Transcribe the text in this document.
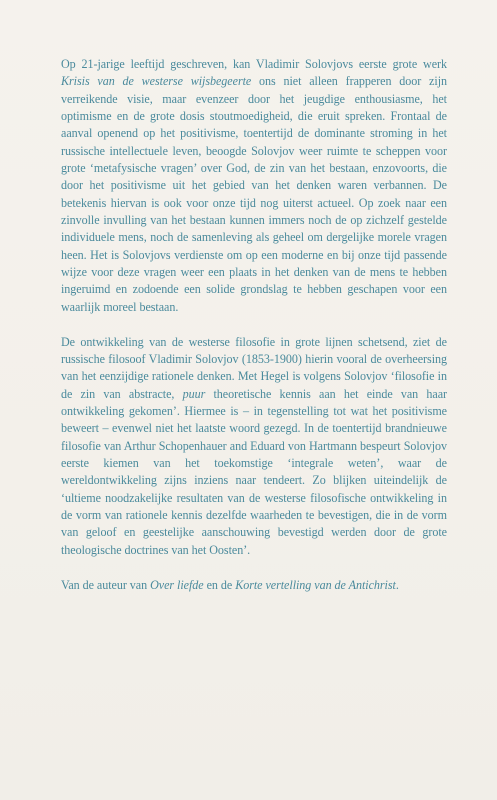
Op 21-jarige leeftijd geschreven, kan Vladimir Solovjovs eerste grote werk Krisis van de westerse wijsbegeerte ons niet alleen frapperen door zijn verreikende visie, maar evenzeer door het jeugdige enthousiasme, het optimisme en de grote dosis stoutmoedigheid, die eruit spreken. Frontaal de aanval openend op het positivisme, toentertijd de dominante stroming in het russische intellectuele leven, beoogde Solovjov weer ruimte te scheppen voor grote ‘metafysische vragen’ over God, de zin van het bestaan, enzovoorts, die door het positivisme uit het gebied van het denken waren verbannen. De betekenis hiervan is ook voor onze tijd nog uiterst actueel. Op zoek naar een zinvolle invulling van het bestaan kunnen immers noch de op zichzelf gestelde individuele mens, noch de samenleving als geheel om dergelijke morele vragen heen. Het is Solovjovs verdienste om op een moderne en bij onze tijd passende wijze voor deze vragen weer een plaats in het denken van de mens te hebben ingeruimd en zodoende een solide grondslag te hebben geschapen voor een waarlijk moreel bestaan.

De ontwikkeling van de westerse filosofie in grote lijnen schetsend, ziet de russische filosoof Vladimir Solovjov (1853-1900) hierin vooral de overheersing van het eenzijdige rationele denken. Met Hegel is volgens Solovjov ‘filosofie in de zin van abstracte, puur theoretische kennis aan het einde van haar ontwikkeling gekomen’. Hiermee is – in tegenstelling tot wat het positivisme beweert – evenwel niet het laatste woord gezegd. In de toentertijd brandnieuwe filosofie van Arthur Schopenhauer and Eduard von Hartmann bespeurt Solovjov eerste kiemen van het toekomstige ‘integrale weten’, waar de wereldontwikkeling zijns inziens naar tendeert. Zo blijken uiteindelijk de ‘ultieme noodzakelijke resultaten van de westerse filosofische ontwikkeling in de vorm van rationele kennis dezelfde waarheden te bevestigen, die in de vorm van geloof en geestelijke aanschouwing bevestigd werden door de grote theologische doctrines van het Oosten’.

Van de auteur van Over liefde en de Korte vertelling van de Antichrist.
